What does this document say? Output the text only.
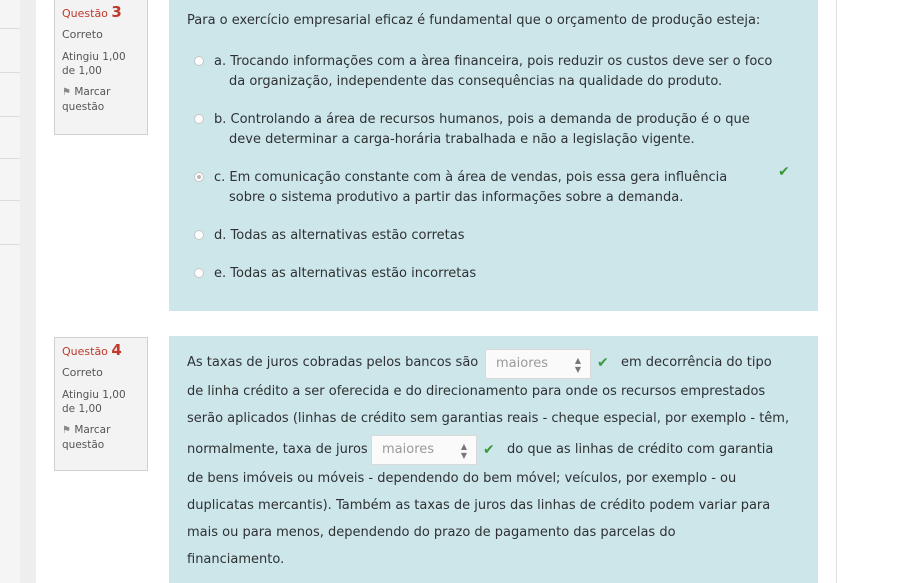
Questão 3
Correto
Atingiu 1,00 de 1,00
⚑ Marcar questão
Para o exercício empresarial eficaz é fundamental que o orçamento de produção esteja:
a. Trocando informações com a àrea financeira, pois reduzir os custos deve ser o foco
da organização, independente das consequências na qualidade do produto.
b. Controlando a área de recursos humanos, pois a demanda de produção é o que
deve determinar a carga-horária trabalhada e não a legislação vigente.
c. Em comunicação constante com à área de vendas, pois essa gera influência
sobre o sistema produtivo a partir das informações sobre a demanda.
✔
d. Todas as alternativas estão corretas
e. Todas as alternativas estão incorretas
Questão 4
Correto
Atingiu 1,00 de 1,00
⚑ Marcar questão
As taxas de juros cobradas pelos bancos são	maiores	▲
▼ ✔ em decorrência do tipo
de linha crédito a ser oferecida e do direcionamento para onde os recursos emprestados
serão aplicados (linhas de crédito sem garantias reais - cheque especial, por exemplo - têm,
normalmente, taxa de juros	maiores	▲
▼ ✔ do que as linhas de crédito com garantia
de bens imóveis ou móveis - dependendo do bem móvel; veículos, por exemplo - ou
duplicatas mercantis). Também as taxas de juros das linhas de crédito podem variar para
mais ou para menos, dependendo do prazo de pagamento das parcelas do
financiamento.
